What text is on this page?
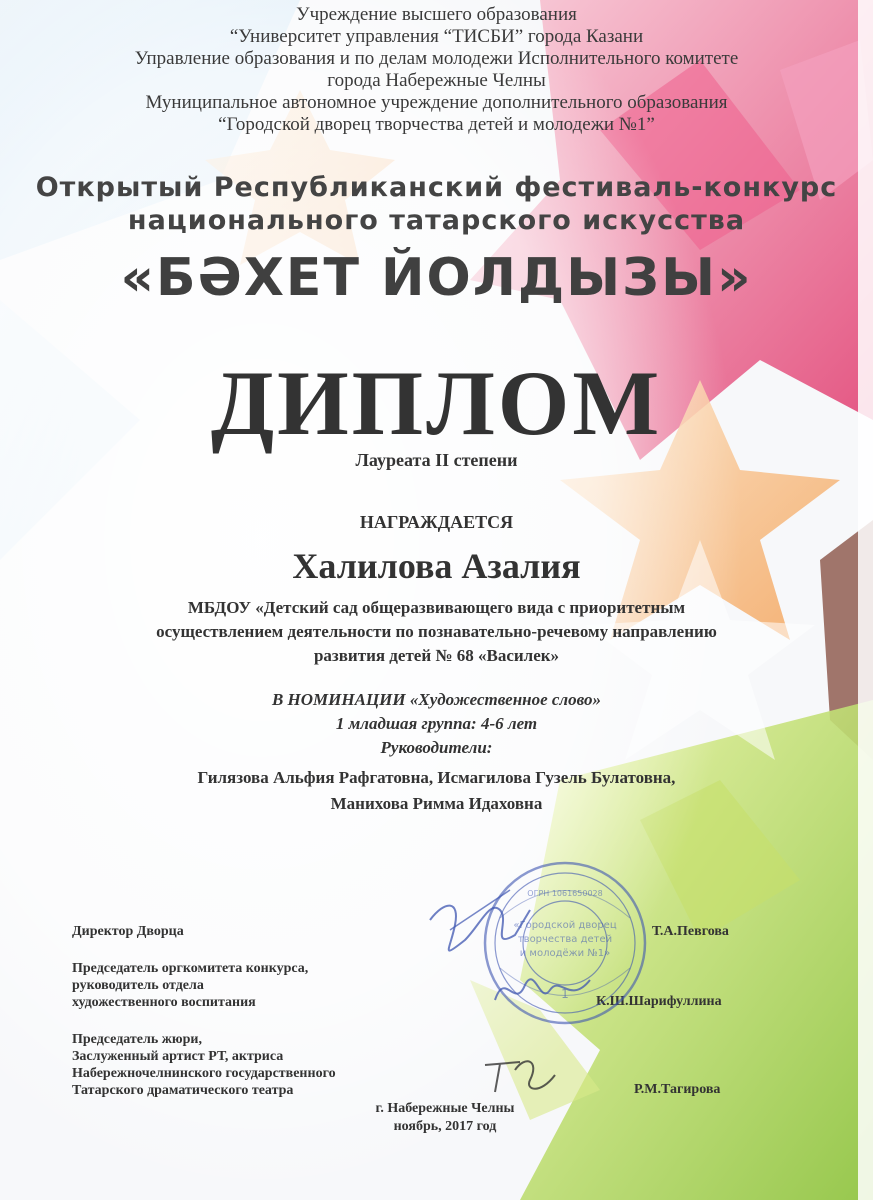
Учреждение высшего образования
“Университет управления “ТИСБИ” города Казани
Управление образования и по делам молодежи Исполнительного комитете
города Набережные Челны
Муниципальное автономное учреждение дополнительного образования
“Городской дворец творчества детей и молодежи №1”
Открытый Республиканский фестиваль-конкурс
национального татарского искусства
«БӘХЕТ ЙОЛДЫЗЫ»
ДИПЛОМ
Лауреата II степени
НАГРАЖДАЕТСЯ
Халилова Азалия
МБДОУ «Детский сад общеразвивающего вида с приоритетным
осуществлением деятельности по познавательно-речевому направлению
развития детей № 68 «Василек»
В НОМИНАЦИИ «Художественное слово»
1 младшая группа: 4-6 лет
Руководители:
Гилязова Альфия Рафгатовна, Исмагилова Гузель Булатовна,
Манихова Римма Идаховна
Директор Дворца	Т.А.Певгова
Председатель оргкомитета конкурса,
руководитель отдела
художественного воспитания	К.Ш.Шарифуллина
Председатель жюри,
Заслуженный артист РТ, актриса
Набережночелнинского государственного
Татарского драматического театра	Р.М.Тагирова
г. Набережные Челны
ноябрь, 2017 год
«Городской дворец
творчества детей
и молодёжи №1»
ОГРН 1061650028
1
